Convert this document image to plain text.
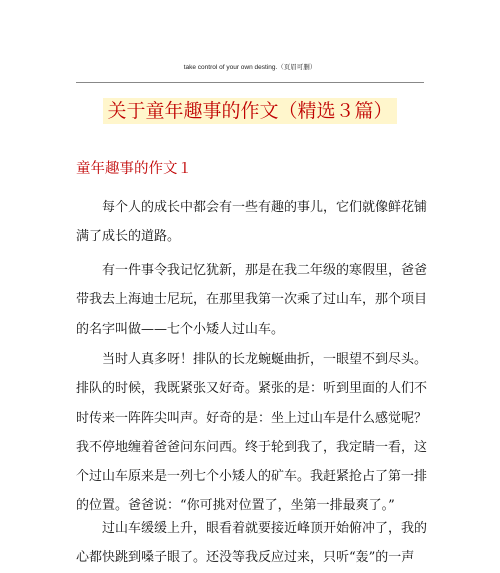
take control of your own desting.（页眉可删）
关于童年趣事的作文（精选３篇）
童年趣事的作文１
　　每个人的成长中都会有一些有趣的事儿，它们就像鲜花铺
满了成长的道路。
　　有一件事令我记忆犹新，那是在我二年级的寒假里，爸爸
带我去上海迪士尼玩，在那里我第一次乘了过山车，那个项目
的名字叫做——七个小矮人过山车。
　　当时人真多呀！排队的长龙蜿蜒曲折，一眼望不到尽头。
排队的时候，我既紧张又好奇。紧张的是：听到里面的人们不
时传来一阵阵尖叫声。好奇的是：坐上过山车是什么感觉呢？
我不停地缠着爸爸问东问西。终于轮到我了，我定睛一看，这
个过山车原来是一列七个小矮人的矿车。我赶紧抢占了第一排
的位置。爸爸说：“你可挑对位置了，坐第一排最爽了。”
　　过山车缓缓上升，眼看着就要接近峰顶开始俯冲了，我的
心都快跳到嗓子眼了。还没等我反应过来，只听“轰”的一声
